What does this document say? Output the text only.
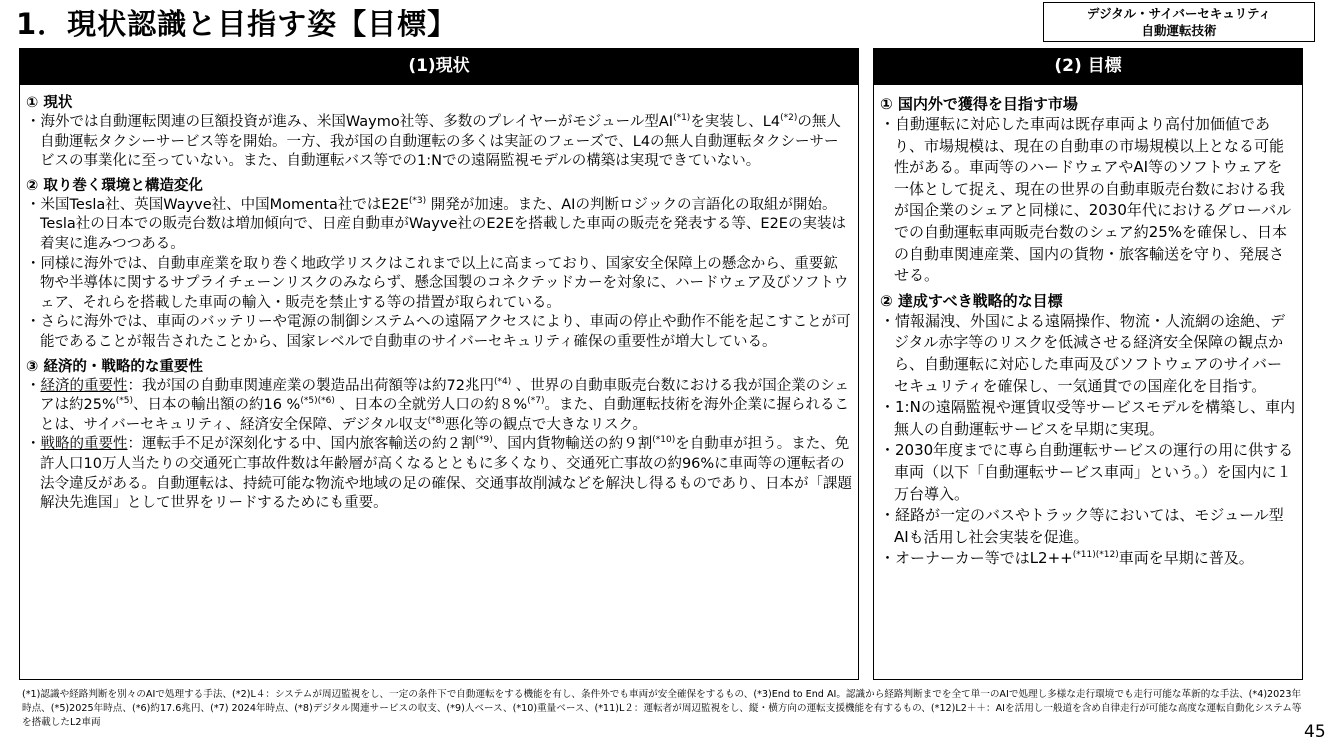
1．現状認識と目指す姿【目標】	デジタル・サイバーセキュリティ
自動運転技術
(1)現状
① 現状
・海外では自動運転関連の巨額投資が進み、米国Waymo社等、多数のプレイヤーがモジュール型$AI^{(*1)}$を実装し、$L4^{(*2)}$の無人自動運転タクシーサービス等を開始。一方、我が国の自動運転の多くは実証のフェーズで、L4の無人自動運転タクシーサービスの事業化に至っていない。また、自動運転バス等での1:Nでの遠隔監視モデルの構築は実現できていない。
② 取り巻く環境と構造変化
・米国Tesla社、英国Wayve社、中国Momenta社では$E2E^{(*3)}$ 開発が加速。また、AIの判断ロジックの言語化の取組が開始。 Tesla社の日本での販売台数は増加傾向で、日産自動車がWayve社のE2Eを搭載した車両の販売を発表する等、E2Eの実装は着実に進みつつある。
・同様に海外では、自動車産業を取り巻く地政学リスクはこれまで以上に高まっており、国家安全保障上の懸念から、重要鉱物や半導体に関するサプライチェーンリスクのみならず、懸念国製のコネクテッドカーを対象に、ハードウェア及びソフトウェア、それらを搭載した車両の輸入・販売を禁止する等の措置が取られている。
・さらに海外では、車両のバッテリーや電源の制御システムへの遠隔アクセスにより、車両の停止や動作不能を起こすことが可能であることが報告されたことから、国家レベルで自動車のサイバーセキュリティ確保の重要性が増大している。
③ 経済的・戦略的な重要性
・経済的重要性：我が国の自動車関連産業の製造品出荷額等は約72兆円$^{(*4)}$ 、世界の自動車販売台数における我が国企業のシェアは約25%$^{(*5)}$、日本の輸出額の約16 %$^{(*5)(*6)}$ 、日本の全就労人口の約８%$^{(*7)}$。また、自動運転技術を海外企業に握られることは、サイバーセキュリティ、経済安全保障、デジタル収支$^{(*8)}$悪化等の観点で大きなリスク。
・戦略的重要性：運転手不足が深刻化する中、国内旅客輸送の約２割$^{(*9)}$、国内貨物輸送の約９割$^{(*10)}$を自動車が担う。また、免許人口10万人当たりの交通死亡事故件数は年齢層が高くなるとともに多くなり、交通死亡事故の約96%に車両等の運転者の法令違反がある。自動運転は、持続可能な物流や地域の足の確保、交通事故削減などを解決し得るものであり、日本が「課題解決先進国」として世界をリードするためにも重要。
(2) 目標
① 国内外で獲得を目指す市場
・自動運転に対応した車両は既存車両より高付加価値であり、市場規模は、現在の自動車の市場規模以上となる可能性がある。車両等のハードウェアやAI等のソフトウェアを一体として捉え、現在の世界の自動車販売台数における我が国企業のシェアと同様に、2030年代におけるグローバルでの自動運転車両販売台数のシェア約25%を確保し、日本の自動車関連産業、国内の貨物・旅客輸送を守り、発展させる。
② 達成すべき戦略的な目標
・情報漏洩、外国による遠隔操作、物流・人流網の途絶、デジタル赤字等のリスクを低減させる経済安全保障の観点から、自動運転に対応した車両及びソフトウェアのサイバーセキュリティを確保し、一気通貫での国産化を目指す。
・1:Nの遠隔監視や運賃収受等サービスモデルを構築し、車内無人の自動運転サービスを早期に実現。
・2030年度までに専ら自動運転サービスの運行の用に供する車両（以下「自動運転サービス車両」という。）を国内に１万台導入。
・経路が一定のバスやトラック等においては、モジュール型AIも活用し社会実装を促進。
・オーナーカー等ではL2++$^{(*11)(*12)}$車両を早期に普及。
(*1)認識や経路判断を別々のAIで処理する手法、(*2)L４：システムが周辺監視をし、一定の条件下で自動運転をする機能を有し、条件外でも車両が安全確保をするもの、(*3)End to End AI。認識から経路判断までを全て単一のAIで処理し多様な走行環境でも走行可能な革新的な手法、(*4)2023年時点、(*5)2025年時点、(*6)約17.6兆円、(*7) 2024年時点、(*8)デジタル関連サービスの収支、(*9)人ベース、(*10)重量ベース、(*11)L２：運転者が周辺監視をし、縦・横方向の運転支援機能を有するもの、(*12)L2＋＋：AIを活用し一般道を含め自律走行が可能な高度な運転自動化システム等を搭載したL2車両	45
